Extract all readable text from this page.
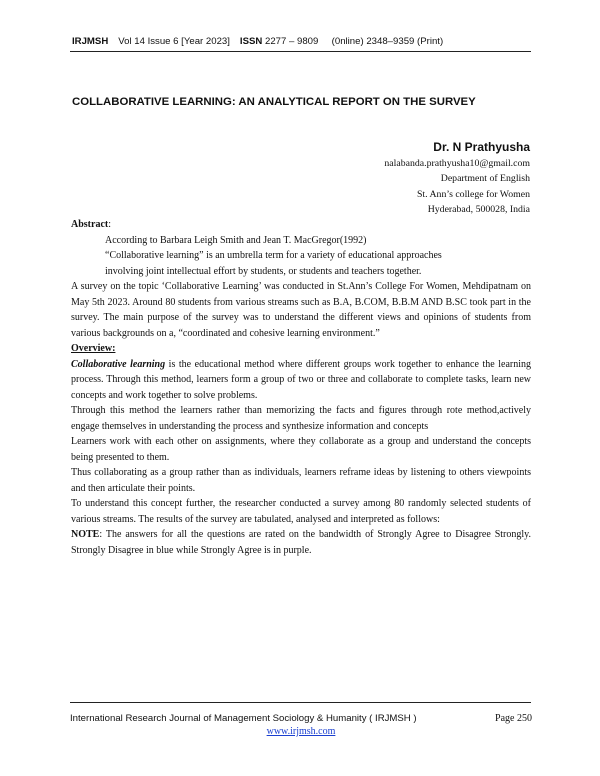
IRJMSH Vol 14 Issue 6 [Year 2023] ISSN 2277 – 9809     (0nline) 2348–9359 (Print)
COLLABORATIVE LEARNING: AN ANALYTICAL REPORT ON THE SURVEY
Dr. N Prathyusha
nalabanda.prathyusha10@gmail.com
Department of English
St. Ann’s college for Women
Hyderabad, 500028, India

Abstract:

According to Barbara Leigh Smith and Jean T. MacGregor(1992)

“Collaborative learning” is an umbrella term for a variety of educational approaches

involving joint intellectual effort by students, or students and teachers together.

A survey on the topic ‘Collaborative Learning’ was conducted in St.Ann’s College For Women, Mehdipatnam on May 5th 2023. Around 80 students from various streams such as B.A, B.COM, B.B.M AND B.SC took part in the survey. The main purpose of the survey was to understand the different views and opinions of students from various backgrounds on a, “coordinated and cohesive learning environment.”

Overview:

Collaborative learning is the educational method where different groups work together to enhance the learning process. Through this method, learners form a group of two or three and collaborate to complete tasks, learn new concepts and work together to solve problems.

Through this method the learners rather than memorizing the facts and figures through rote method,actively engage themselves in understanding the process and synthesize information and concepts

Learners work with each other on assignments, where they collaborate as a group and understand the concepts being presented to them.

Thus collaborating as a group rather than as individuals, learners reframe ideas by listening to others viewpoints and then articulate their points.

To understand this concept further, the researcher conducted a survey among 80 randomly selected students of various streams. The results of the survey are tabulated, analysed and interpreted as follows:

NOTE: The answers for all the questions are rated on the bandwidth of Strongly Agree to Disagree Strongly. Strongly Disagree in blue while Strongly Agree is in purple.

International Research Journal of Management Sociology & Humanity ( IRJMSH )	Page 250
www.irjmsh.com
